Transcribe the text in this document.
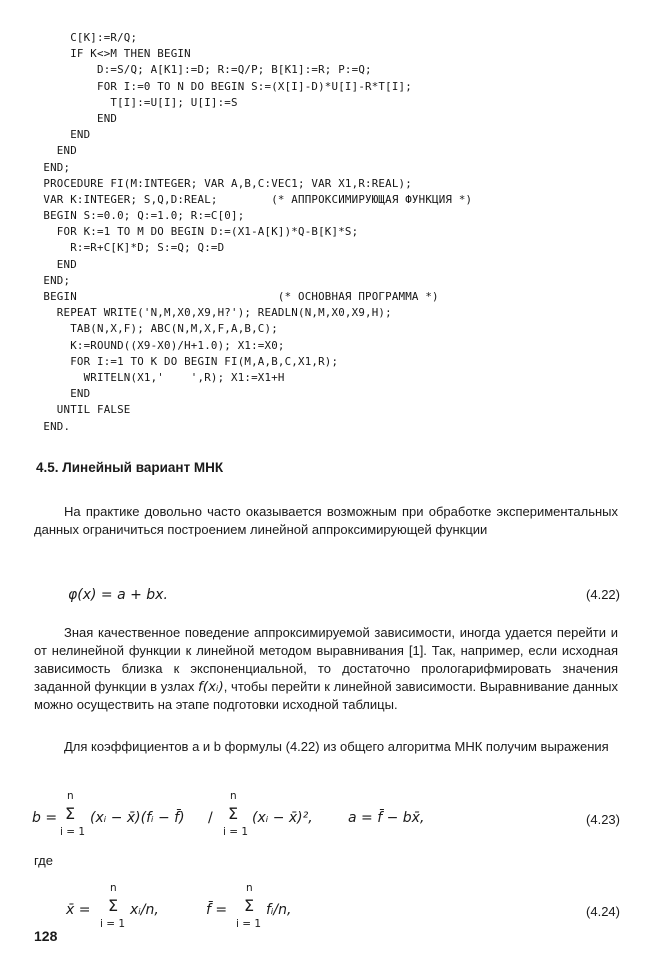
C[K]:=R/Q;
IF K<>M THEN BEGIN
D:=S/Q; A[K1]:=D; R:=Q/P; B[K1]:=R; P:=Q;
FOR I:=0 TO N DO BEGIN S:=(X[I]-D)*U[I]-R*T[I];
T[I]:=U[I]; U[I]:=S
END
END
END
END;
PROCEDURE FI(M:INTEGER; VAR A,B,C:VEC1; VAR X1,R:REAL);
VAR K:INTEGER; S,Q,D:REAL;        (* АППРОКСИМИРУЮЩАЯ ФУНКЦИЯ *)
BEGIN S:=0.0; Q:=1.0; R:=C[0];
FOR K:=1 TO M DO BEGIN D:=(X1-A[K])*Q-B[K]*S;
R:=R+C[K]*D; S:=Q; Q:=D
END
END;
BEGIN                              (* ОСНОВНАЯ ПРОГРАММА *)
REPEAT WRITE('N,M,X0,X9,H?'); READLN(N,M,X0,X9,H);
TAB(N,X,F); ABC(N,M,X,F,A,B,C);
K:=ROUND((X9-X0)/H+1.0); X1:=X0;
FOR I:=1 TO K DO BEGIN FI(M,A,B,C,X1,R);
WRITELN(X1,'    ',R); X1:=X1+H
END
UNTIL FALSE
END.
4.5. Линейный вариант МНК

На практике довольно часто оказывается возможным при обработке экспериментальных данных ограничиться построением линейной аппроксимирующей функции

φ(x) = a + bx.	(4.22)

Зная качественное поведение аппроксимируемой зависимости, иногда удается перейти и от нелинейной функции к линейной методом выравнивания [1]. Так, например, если исходная зависимость близка к экспоненциальной, то достаточно прологарифмировать значения заданной функции в узлах f(xᵢ), чтобы перейти к линейной зависимости. Выравнивание данных можно осуществить на этапе подготовки исходной таблицы.

Для коэффициентов a и b формулы (4.22) из общего алгоритма МНК получим выражения

b =
n
Σ
i = 1
(xᵢ − x̄)(fᵢ − f̄) /
n
Σ
i = 1
(xᵢ − x̄)²,	a = f̄ − bx̄,	(4.23)

где

x̄ =
n
Σ
i = 1
xᵢ/n,	f̄ =
n
Σ
i = 1
fᵢ/n,	(4.24)
128
